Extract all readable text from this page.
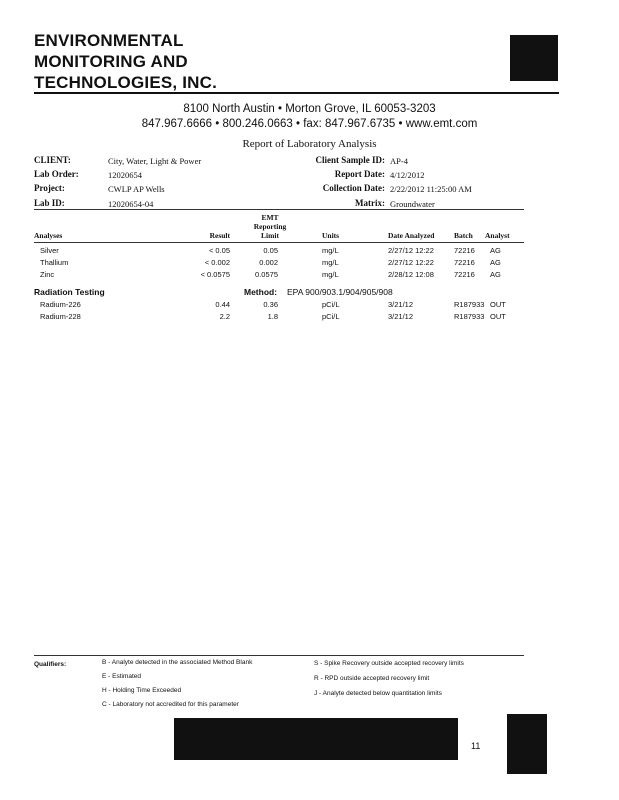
ENVIRONMENTAL
MONITORING AND
TECHNOLOGIES, INC.
8100 North Austin • Morton Grove, IL 60053-3203
847.967.6666 • 800.246.0663 • fax: 847.967.6735 • www.emt.com
Report of Laboratory Analysis
CLIENT:	City, Water, Light & Power
Lab Order:	12020654
Project:	CWLP AP Wells
Lab ID:	12020654-04
Client Sample ID: AP-4
Report Date: 4/12/2012
Collection Date: 2/22/2012 11:25:00 AM
Matrix: Groundwater
Analyses	Result
EMT
Reporting
Limit	Units	Date Analyzed	Batch Analyst
Silver	< 0.05	0.05	mg/L	2/27/12 12:22	72216 AG
Thallium	< 0.002	0.002	mg/L	2/27/12 12:22	72216 AG
Zinc	< 0.0575	0.0575	mg/L	2/28/12 12:08	72216 AG
Radiation Testing	Method: EPA 900/903.1/904/905/908
Radium-226	0.44	0.36	pCi/L	3/21/12	R187933 OUT
Radium-228	2.2	1.8	pCi/L	3/21/12	R187933 OUT
Qualifiers:	B - Analyte detected in the associated Method Blank
E - Estimated
H - Holding Time Exceeded
C - Laboratory not accredited for this parameter
S - Spike Recovery outside accepted recovery limits
R - RPD outside accepted recovery limit
J - Analyte detected below quantitation limits
11
